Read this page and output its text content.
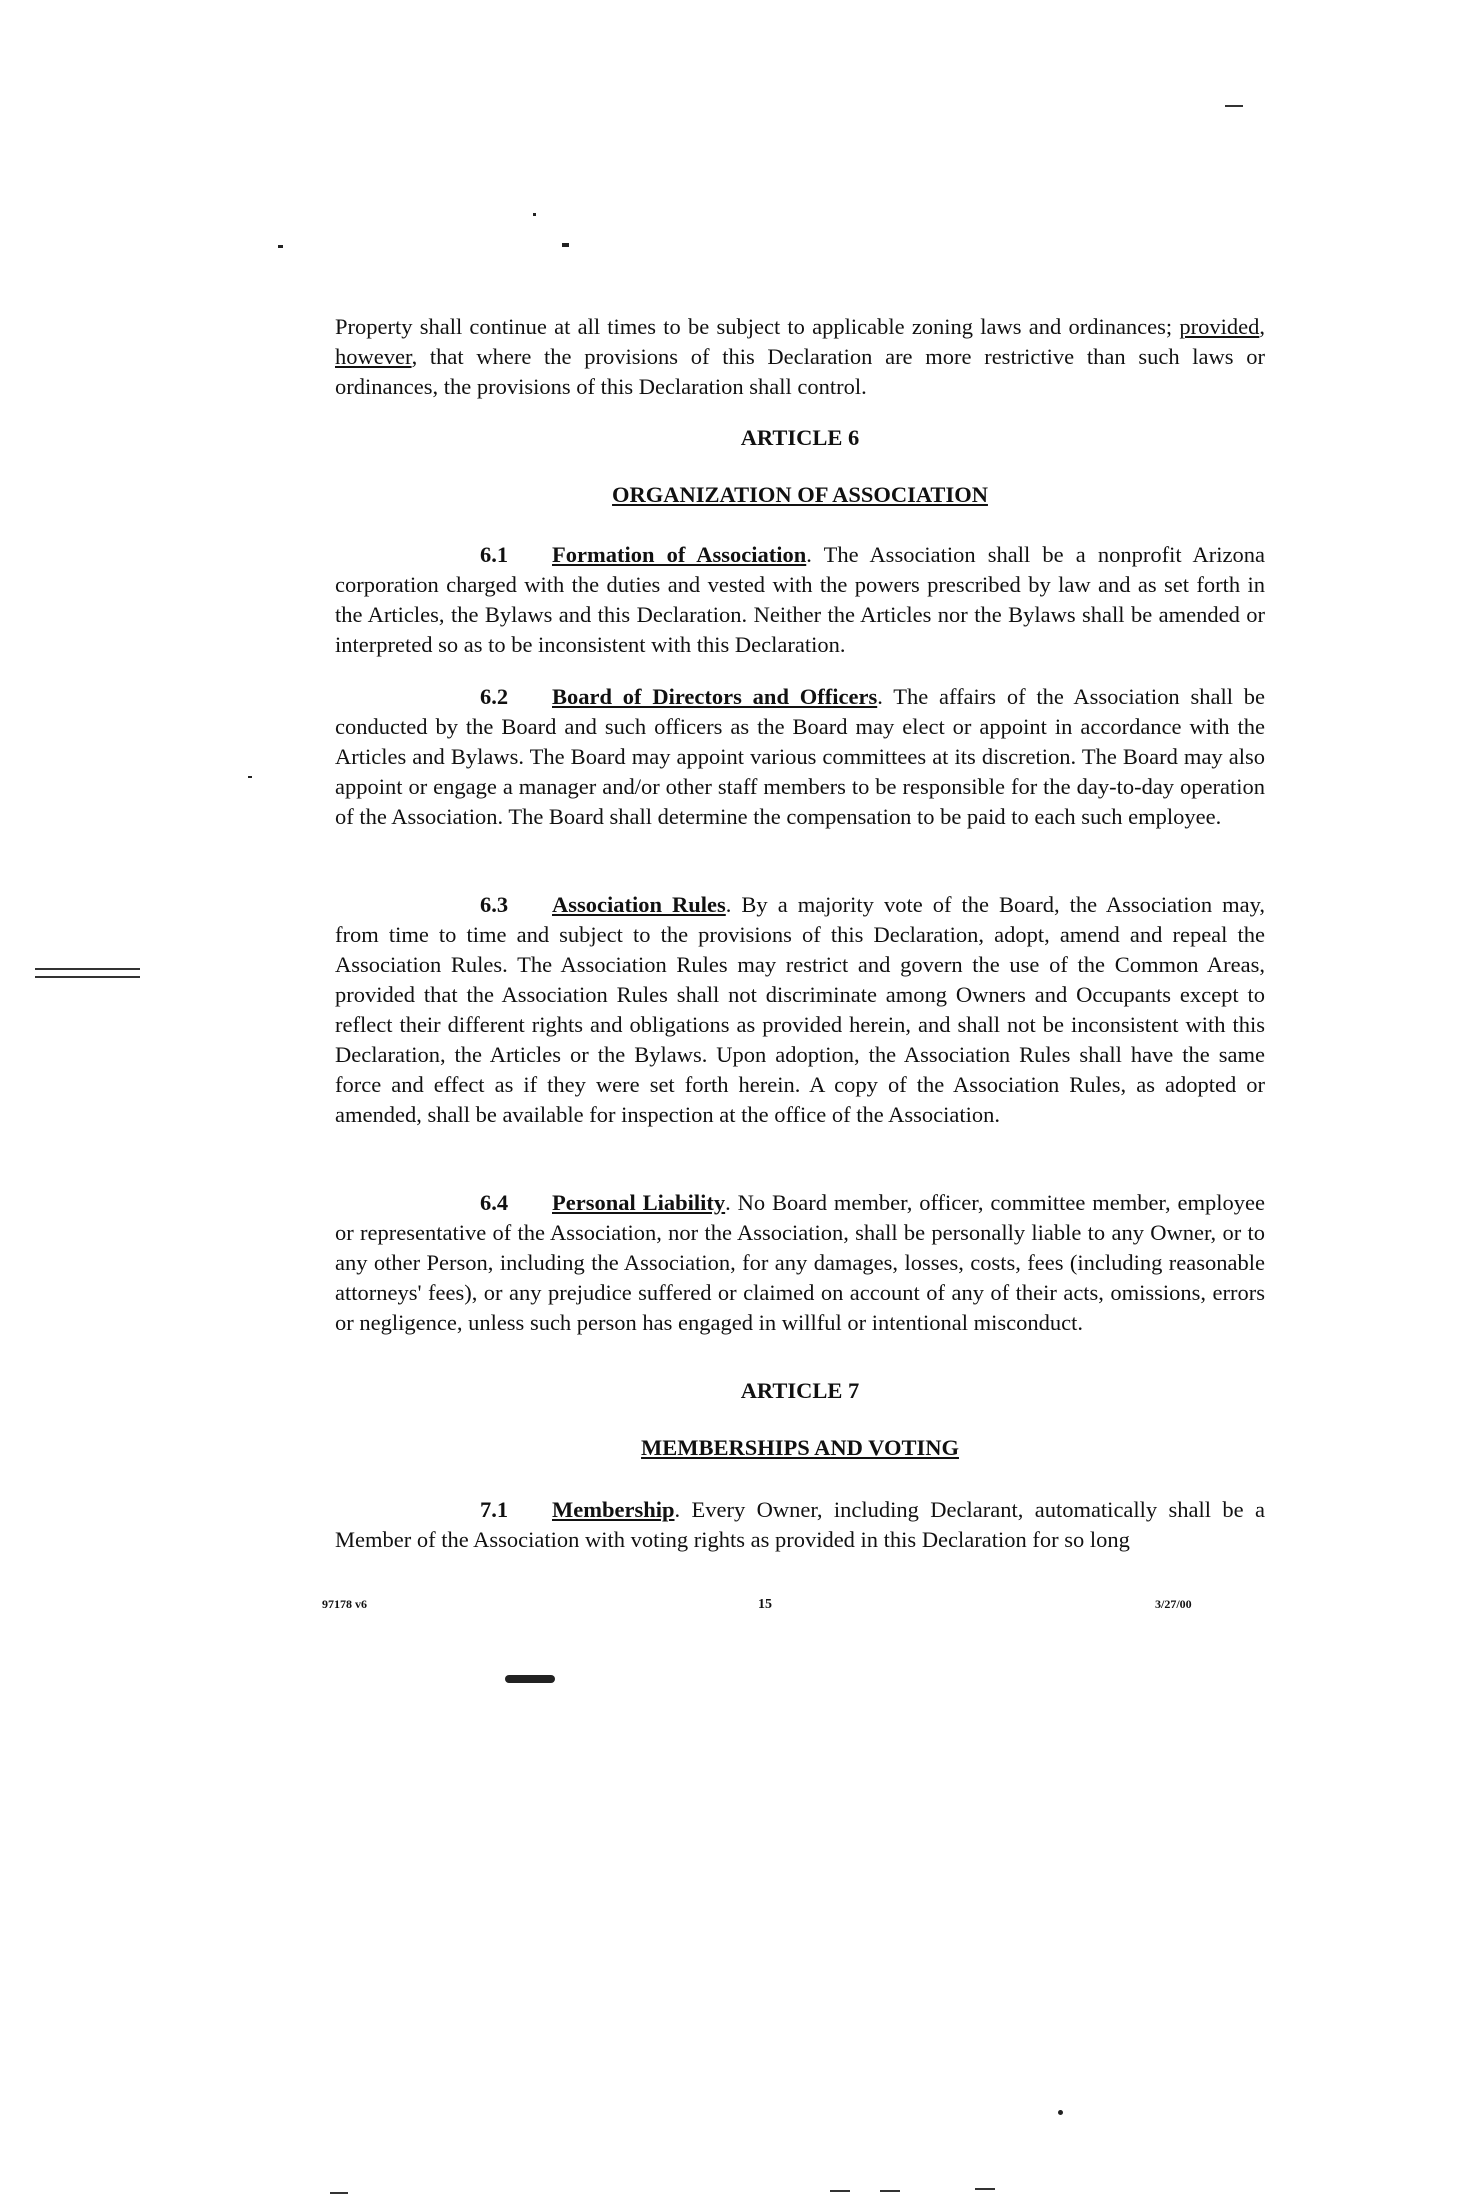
Property shall continue at all times to be subject to applicable zoning laws and ordinances; provided, however, that where the provisions of this Declaration are more restrictive than such laws or ordinances, the provisions of this Declaration shall control.

ARTICLE 6
ORGANIZATION OF ASSOCIATION

6.1 Formation of Association. The Association shall be a nonprofit Arizona corporation charged with the duties and vested with the powers prescribed by law and as set forth in the Articles, the Bylaws and this Declaration. Neither the Articles nor the Bylaws shall be amended or interpreted so as to be inconsistent with this Declaration.

6.2 Board of Directors and Officers. The affairs of the Association shall be conducted by the Board and such officers as the Board may elect or appoint in accordance with the Articles and Bylaws. The Board may appoint various committees at its discretion. The Board may also appoint or engage a manager and/or other staff members to be responsible for the day-to-day operation of the Association. The Board shall determine the compensation to be paid to each such employee.

6.3 Association Rules. By a majority vote of the Board, the Association may, from time to time and subject to the provisions of this Declaration, adopt, amend and repeal the Association Rules. The Association Rules may restrict and govern the use of the Common Areas, provided that the Association Rules shall not discriminate among Owners and Occupants except to reflect their different rights and obligations as provided herein, and shall not be inconsistent with this Declaration, the Articles or the Bylaws. Upon adoption, the Association Rules shall have the same force and effect as if they were set forth herein. A copy of the Association Rules, as adopted or amended, shall be available for inspection at the office of the Association.

6.4 Personal Liability. No Board member, officer, committee member, employee or representative of the Association, nor the Association, shall be personally liable to any Owner, or to any other Person, including the Association, for any damages, losses, costs, fees (including reasonable attorneys' fees), or any prejudice suffered or claimed on account of any of their acts, omissions, errors or negligence, unless such person has engaged in willful or intentional misconduct.

ARTICLE 7
MEMBERSHIPS AND VOTING

7.1 Membership. Every Owner, including Declarant, automatically shall be a Member of the Association with voting rights as provided in this Declaration for so long

97178 v6	15	3/27/00
